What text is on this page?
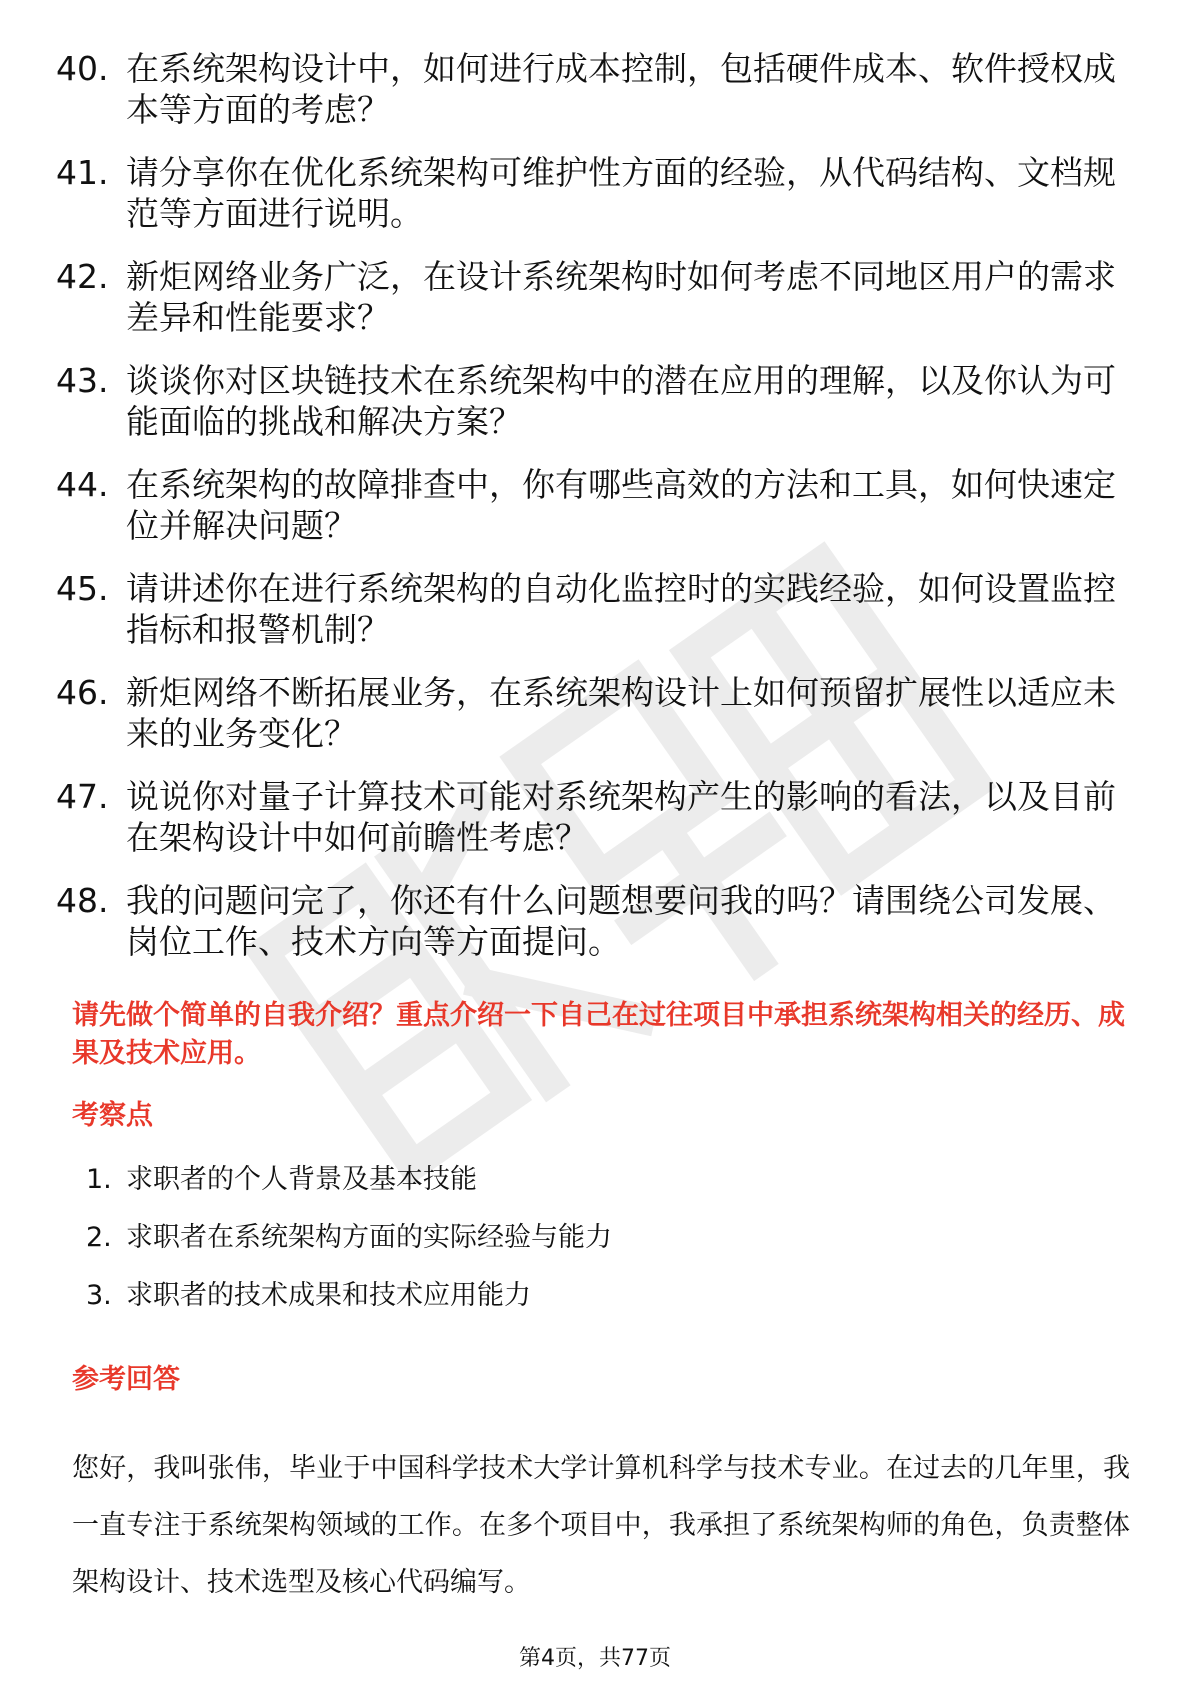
40. 在系统架构设计中，如何进行成本控制，包括硬件成本、软件授权成本等方面的考虑？
41. 请分享你在优化系统架构可维护性方面的经验，从代码结构、文档规范等方面进行说明。
42. 新炬网络业务广泛，在设计系统架构时如何考虑不同地区用户的需求差异和性能要求？
43. 谈谈你对区块链技术在系统架构中的潜在应用的理解，以及你认为可能面临的挑战和解决方案？
44. 在系统架构的故障排查中，你有哪些高效的方法和工具，如何快速定位并解决问题？
45. 请讲述你在进行系统架构的自动化监控时的实践经验，如何设置监控指标和报警机制？
46. 新炬网络不断拓展业务，在系统架构设计上如何预留扩展性以适应未来的业务变化？
47. 说说你对量子计算技术可能对系统架构产生的影响的看法，以及目前在架构设计中如何前瞻性考虑？
48. 我的问题问完了，你还有什么问题想要问我的吗？请围绕公司发展、岗位工作、技术方向等方面提问。
请先做个简单的自我介绍？重点介绍一下自己在过往项目中承担系统架构相关的经历、成果及技术应用。
考察点
1. 求职者的个人背景及基本技能
2. 求职者在系统架构方面的实际经验与能力
3. 求职者的技术成果和技术应用能力
参考回答
您好，我叫张伟，毕业于中国科学技术大学计算机科学与技术专业。在过去的几年里，我一直专注于系统架构领域的工作。在多个项目中，我承担了系统架构师的角色，负责整体架构设计、技术选型及核心代码编写。
第4页，共77页
